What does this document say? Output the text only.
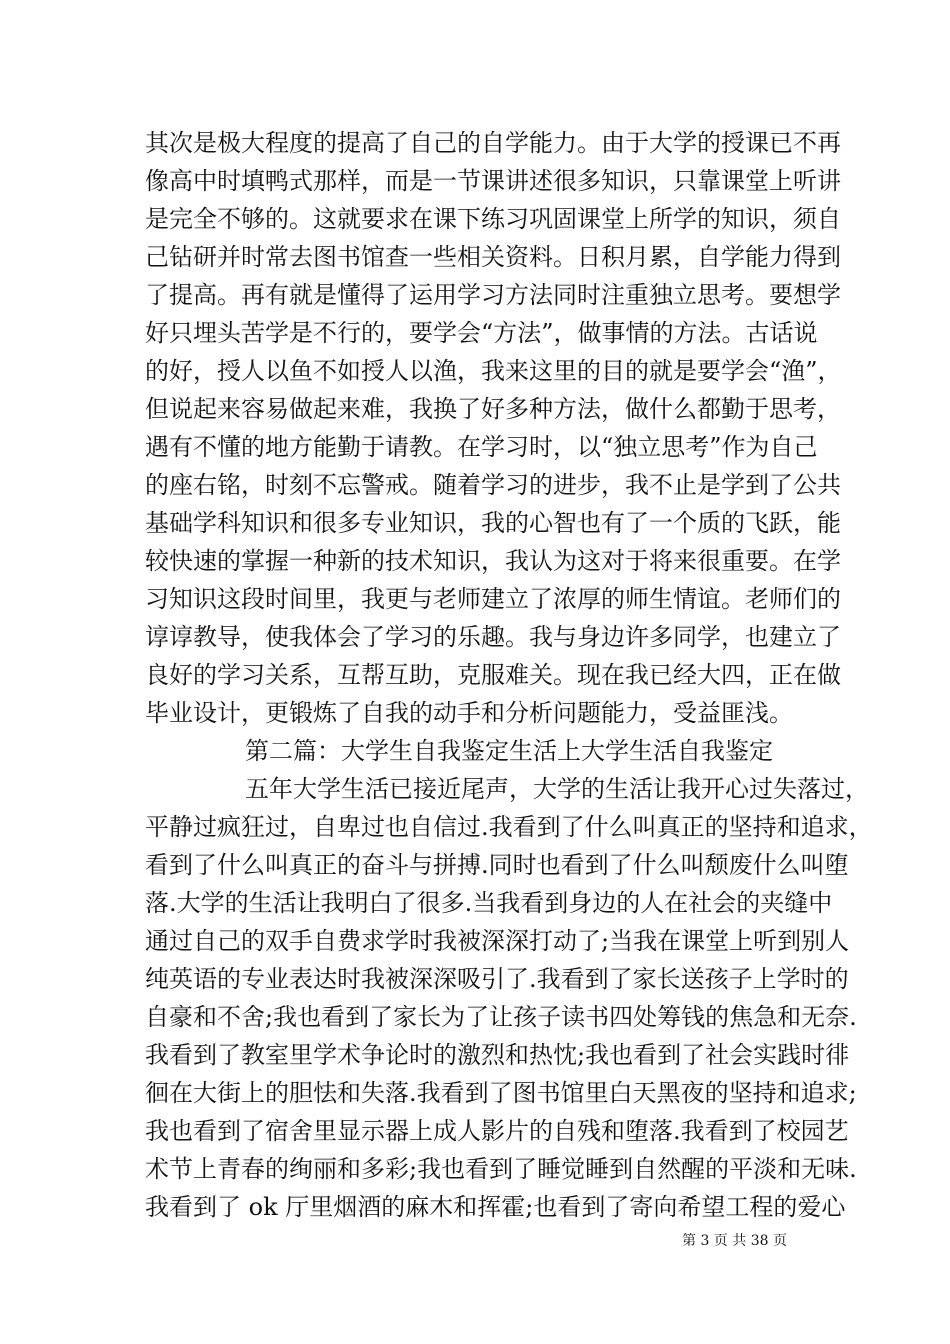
其次是极大程度的提高了自己的自学能力。由于大学的授课已不再
像高中时填鸭式那样，而是一节课讲述很多知识，只靠课堂上听讲
是完全不够的。这就要求在课下练习巩固课堂上所学的知识，须自
己钻研并时常去图书馆查一些相关资料。日积月累，自学能力得到
了提高。再有就是懂得了运用学习方法同时注重独立思考。要想学
好只埋头苦学是不行的，要学会“方法”，做事情的方法。古话说
的好，授人以鱼不如授人以渔，我来这里的目的就是要学会“渔”，
但说起来容易做起来难，我换了好多种方法，做什么都勤于思考，
遇有不懂的地方能勤于请教。在学习时，以“独立思考”作为自己
的座右铭，时刻不忘警戒。随着学习的进步，我不止是学到了公共
基础学科知识和很多专业知识，我的心智也有了一个质的飞跃，能
较快速的掌握一种新的技术知识，我认为这对于将来很重要。在学
习知识这段时间里，我更与老师建立了浓厚的师生情谊。老师们的
谆谆教导，使我体会了学习的乐趣。我与身边许多同学，也建立了
良好的学习关系，互帮互助，克服难关。现在我已经大四，正在做
毕业设计，更锻炼了自我的动手和分析问题能力，受益匪浅。
第二篇：大学生自我鉴定生活上大学生活自我鉴定
五年大学生活已接近尾声，大学的生活让我开心过失落过，
平静过疯狂过，自卑过也自信过.我看到了什么叫真正的坚持和追求，
看到了什么叫真正的奋斗与拼搏.同时也看到了什么叫颓废什么叫堕
落.大学的生活让我明白了很多.当我看到身边的人在社会的夹缝中
通过自己的双手自费求学时我被深深打动了;当我在课堂上听到别人
纯英语的专业表达时我被深深吸引了.我看到了家长送孩子上学时的
自豪和不舍;我也看到了家长为了让孩子读书四处筹钱的焦急和无奈.
我看到了教室里学术争论时的激烈和热忱;我也看到了社会实践时徘
徊在大街上的胆怯和失落.我看到了图书馆里白天黑夜的坚持和追求;
我也看到了宿舍里显示器上成人影片的自残和堕落.我看到了校园艺
术节上青春的绚丽和多彩;我也看到了睡觉睡到自然醒的平淡和无味.
我看到了 ok 厅里烟酒的麻木和挥霍;也看到了寄向希望工程的爱心
第 3 页 共 38 页
